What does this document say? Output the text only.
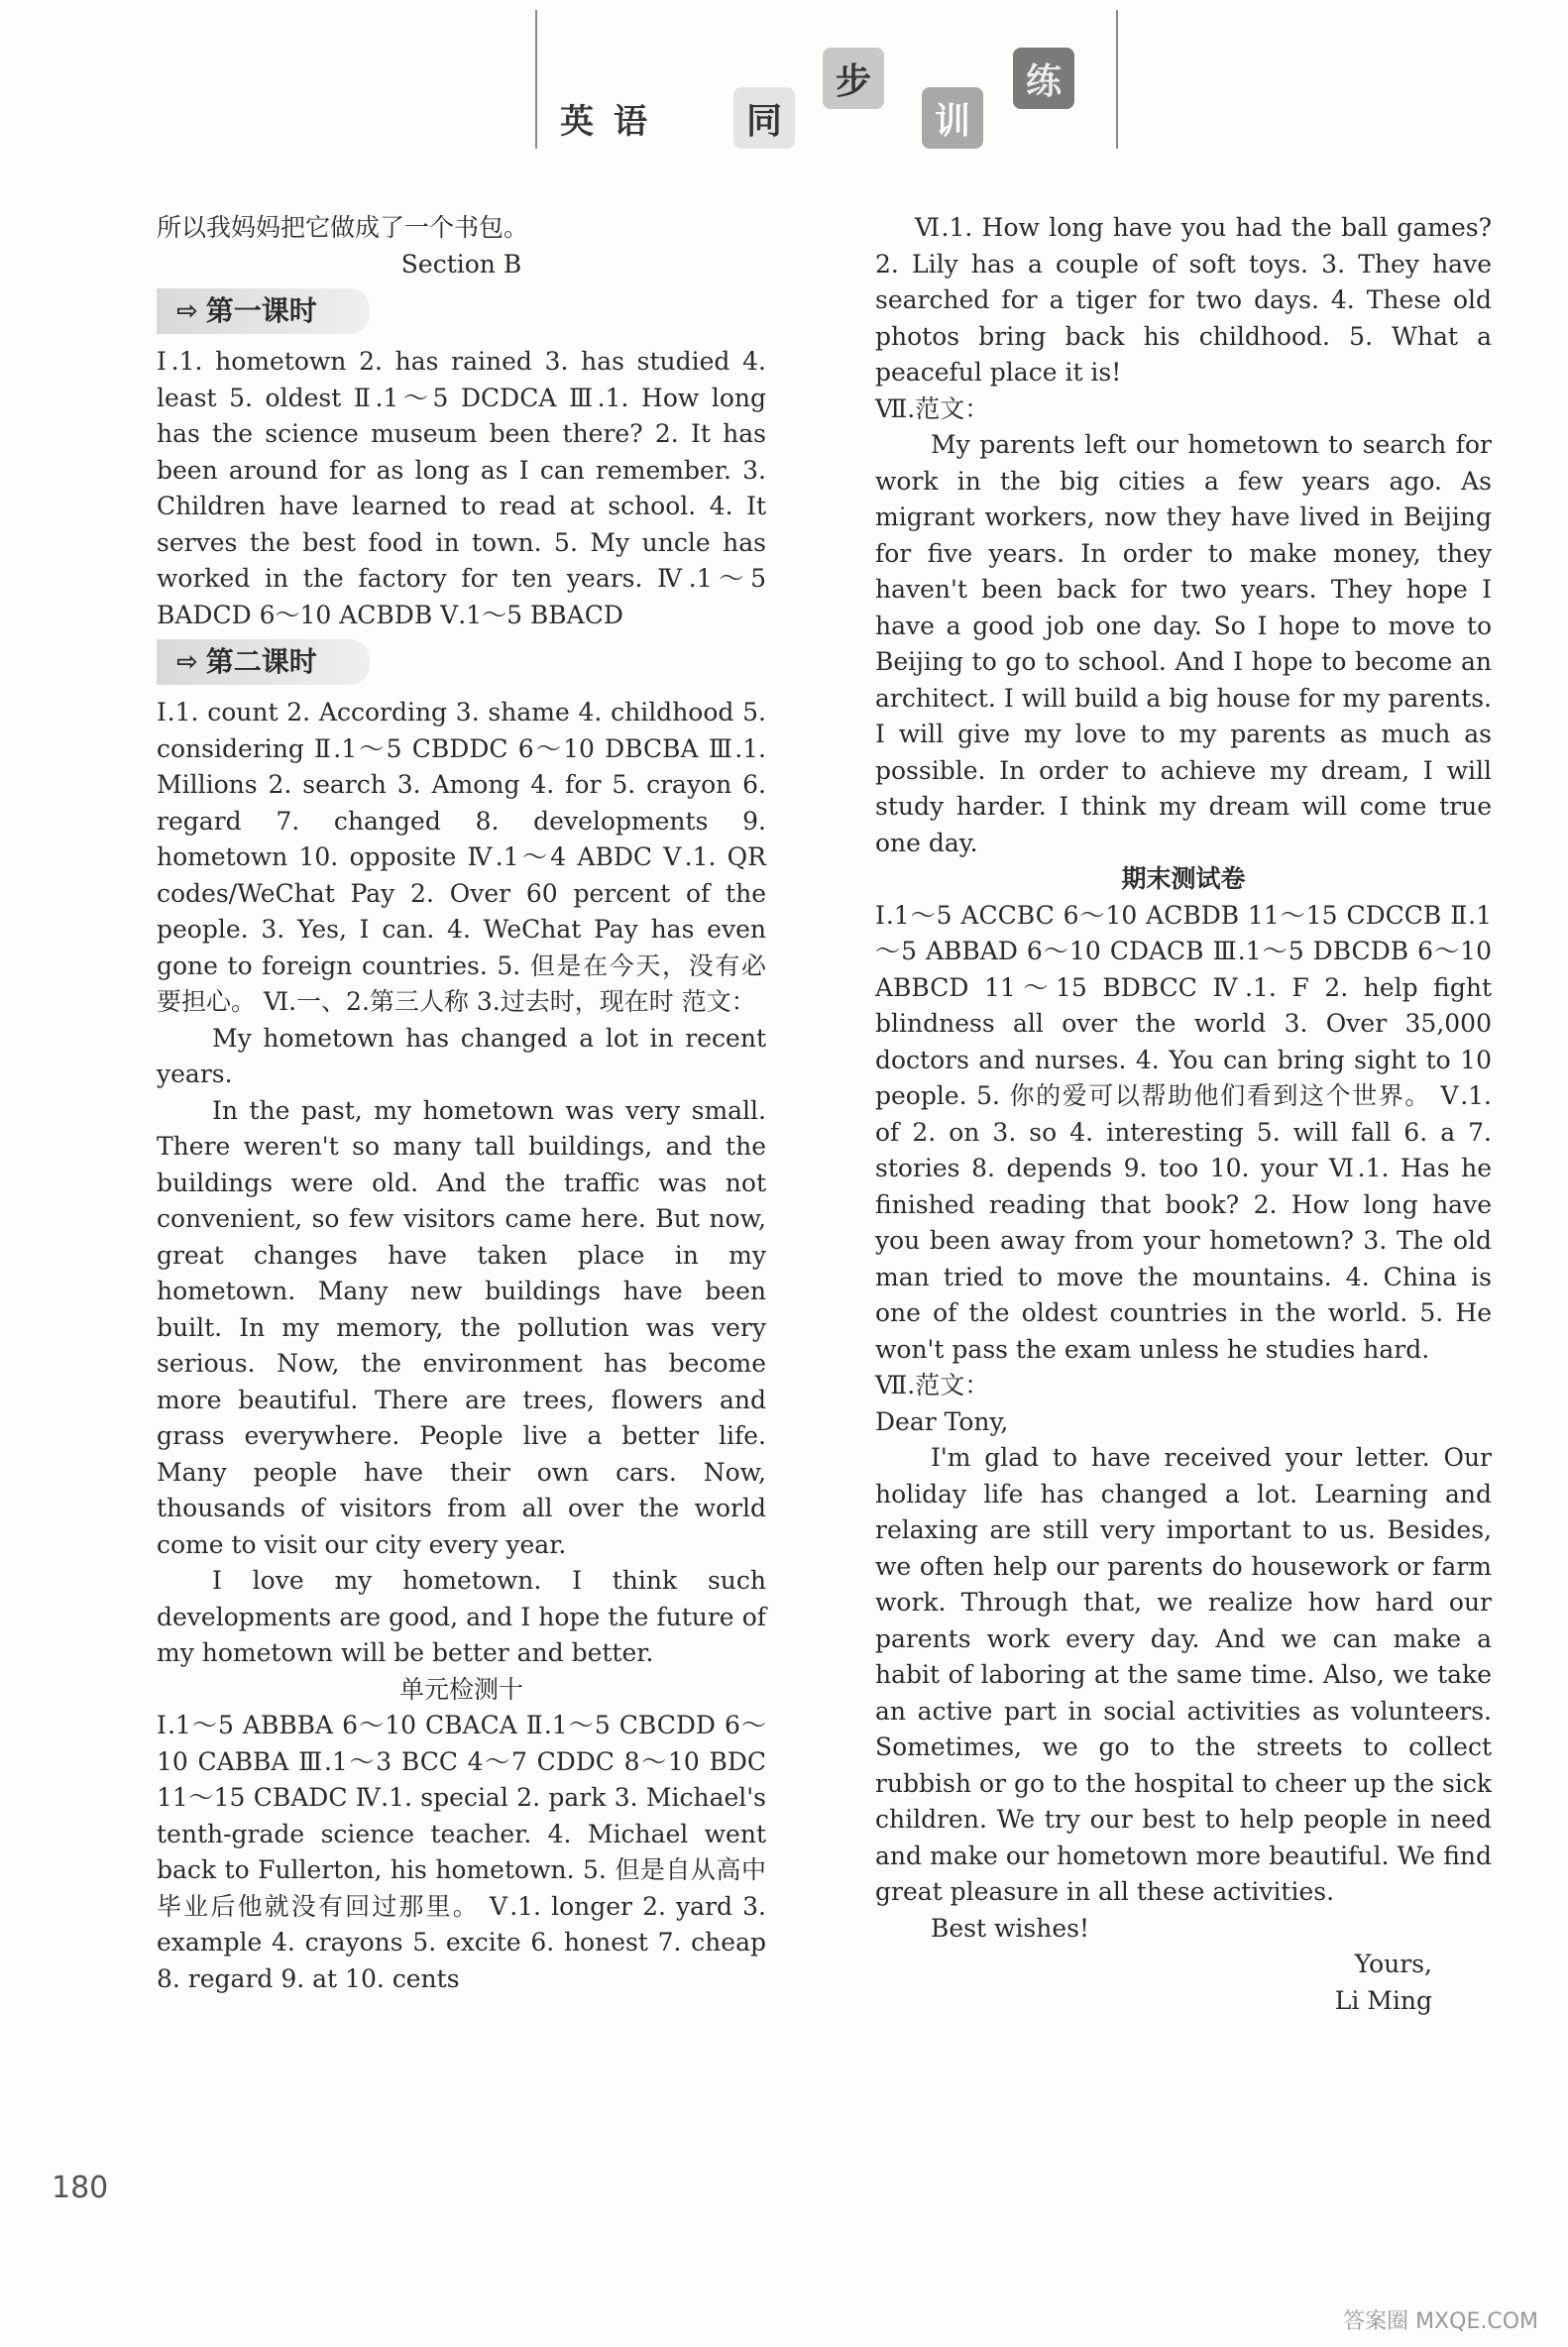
英语	同
步
训
练

所以我妈妈把它做成了一个书包。

Section B

⇨ 第一课时

Ⅰ.1. hometown 2. has rained 3. has studied 4. least 5. oldest Ⅱ.1～5 DCDCA Ⅲ.1. How long has the science museum been there? 2. It has been around for as long as I can remember. 3. Children have learned to read at school. 4. It serves the best food in town. 5. My uncle has worked in the factory for ten years. Ⅳ.1～5 BADCD 6～10 ACBDB Ⅴ.1～5 BBACD

⇨ 第二课时

Ⅰ.1. count 2. According 3. shame 4. childhood 5. considering Ⅱ.1～5 CBDDC 6～10 DBCBA Ⅲ.1. Millions 2. search 3. Among 4. for 5. crayon 6. regard 7. changed 8. developments 9. hometown 10. opposite Ⅳ.1～4 ABDC Ⅴ.1. QR codes/WeChat Pay 2. Over 60 percent of the people. 3. Yes, I can. 4. WeChat Pay has even gone to foreign countries. 5. 但是在今天，没有必要担心。 Ⅵ.一、2.第三人称 3.过去时，现在时 范文：

My hometown has changed a lot in recent years.

In the past, my hometown was very small. There weren't so many tall buildings, and the buildings were old. And the traffic was not convenient, so few visitors came here. But now, great changes have taken place in my hometown. Many new buildings have been built. In my memory, the pollution was very serious. Now, the environment has become more beautiful. There are trees, flowers and grass everywhere. People live a better life. Many people have their own cars. Now, thousands of visitors from all over the world come to visit our city every year.

I love my hometown. I think such developments are good, and I hope the future of my hometown will be better and better.

单元检测十

Ⅰ.1～5 ABBBA 6～10 CBACA Ⅱ.1～5 CBCDD 6～10 CABBA Ⅲ.1～3 BCC 4～7 CDDC 8～10 BDC 11～15 CBADC Ⅳ.1. special 2. park 3. Michael's tenth-grade science teacher. 4. Michael went back to Fullerton, his hometown. 5. 但是自从高中毕业后他就没有回过那里。 Ⅴ.1. longer 2. yard 3. example 4. crayons 5. excite 6. honest 7. cheap 8. regard 9. at 10. cents

Ⅵ.1. How long have you had the ball games? 2. Lily has a couple of soft toys. 3. They have searched for a tiger for two days. 4. These old photos bring back his childhood. 5. What a peaceful place it is!

Ⅶ.范文：

My parents left our hometown to search for work in the big cities a few years ago. As migrant workers, now they have lived in Beijing for five years. In order to make money, they haven't been back for two years. They hope I have a good job one day. So I hope to move to Beijing to go to school. And I hope to become an architect. I will build a big house for my parents. I will give my love to my parents as much as possible. In order to achieve my dream, I will study harder. I think my dream will come true one day.

期末测试卷

Ⅰ.1～5 ACCBC 6～10 ACBDB 11～15 CDCCB Ⅱ.1～5 ABBAD 6～10 CDACB Ⅲ.1～5 DBCDB 6～10 ABBCD 11～15 BDBCC Ⅳ.1. F 2. help fight blindness all over the world 3. Over 35,000 doctors and nurses. 4. You can bring sight to 10 people. 5. 你的爱可以帮助他们看到这个世界。 Ⅴ.1. of 2. on 3. so 4. interesting 5. will fall 6. a 7. stories 8. depends 9. too 10. your Ⅵ.1. Has he finished reading that book? 2. How long have you been away from your hometown? 3. The old man tried to move the mountains. 4. China is one of the oldest countries in the world. 5. He won't pass the exam unless he studies hard.

Ⅶ.范文：

Dear Tony,

I'm glad to have received your letter. Our holiday life has changed a lot. Learning and relaxing are still very important to us. Besides, we often help our parents do housework or farm work. Through that, we realize how hard our parents work every day. And we can make a habit of laboring at the same time. Also, we take an active part in social activities as volunteers. Sometimes, we go to the streets to collect rubbish or go to the hospital to cheer up the sick children. We try our best to help people in need and make our hometown more beautiful. We find great pleasure in all these activities.

Best wishes!

Yours,

Li Ming

180
答案圈 MXQE.COM
